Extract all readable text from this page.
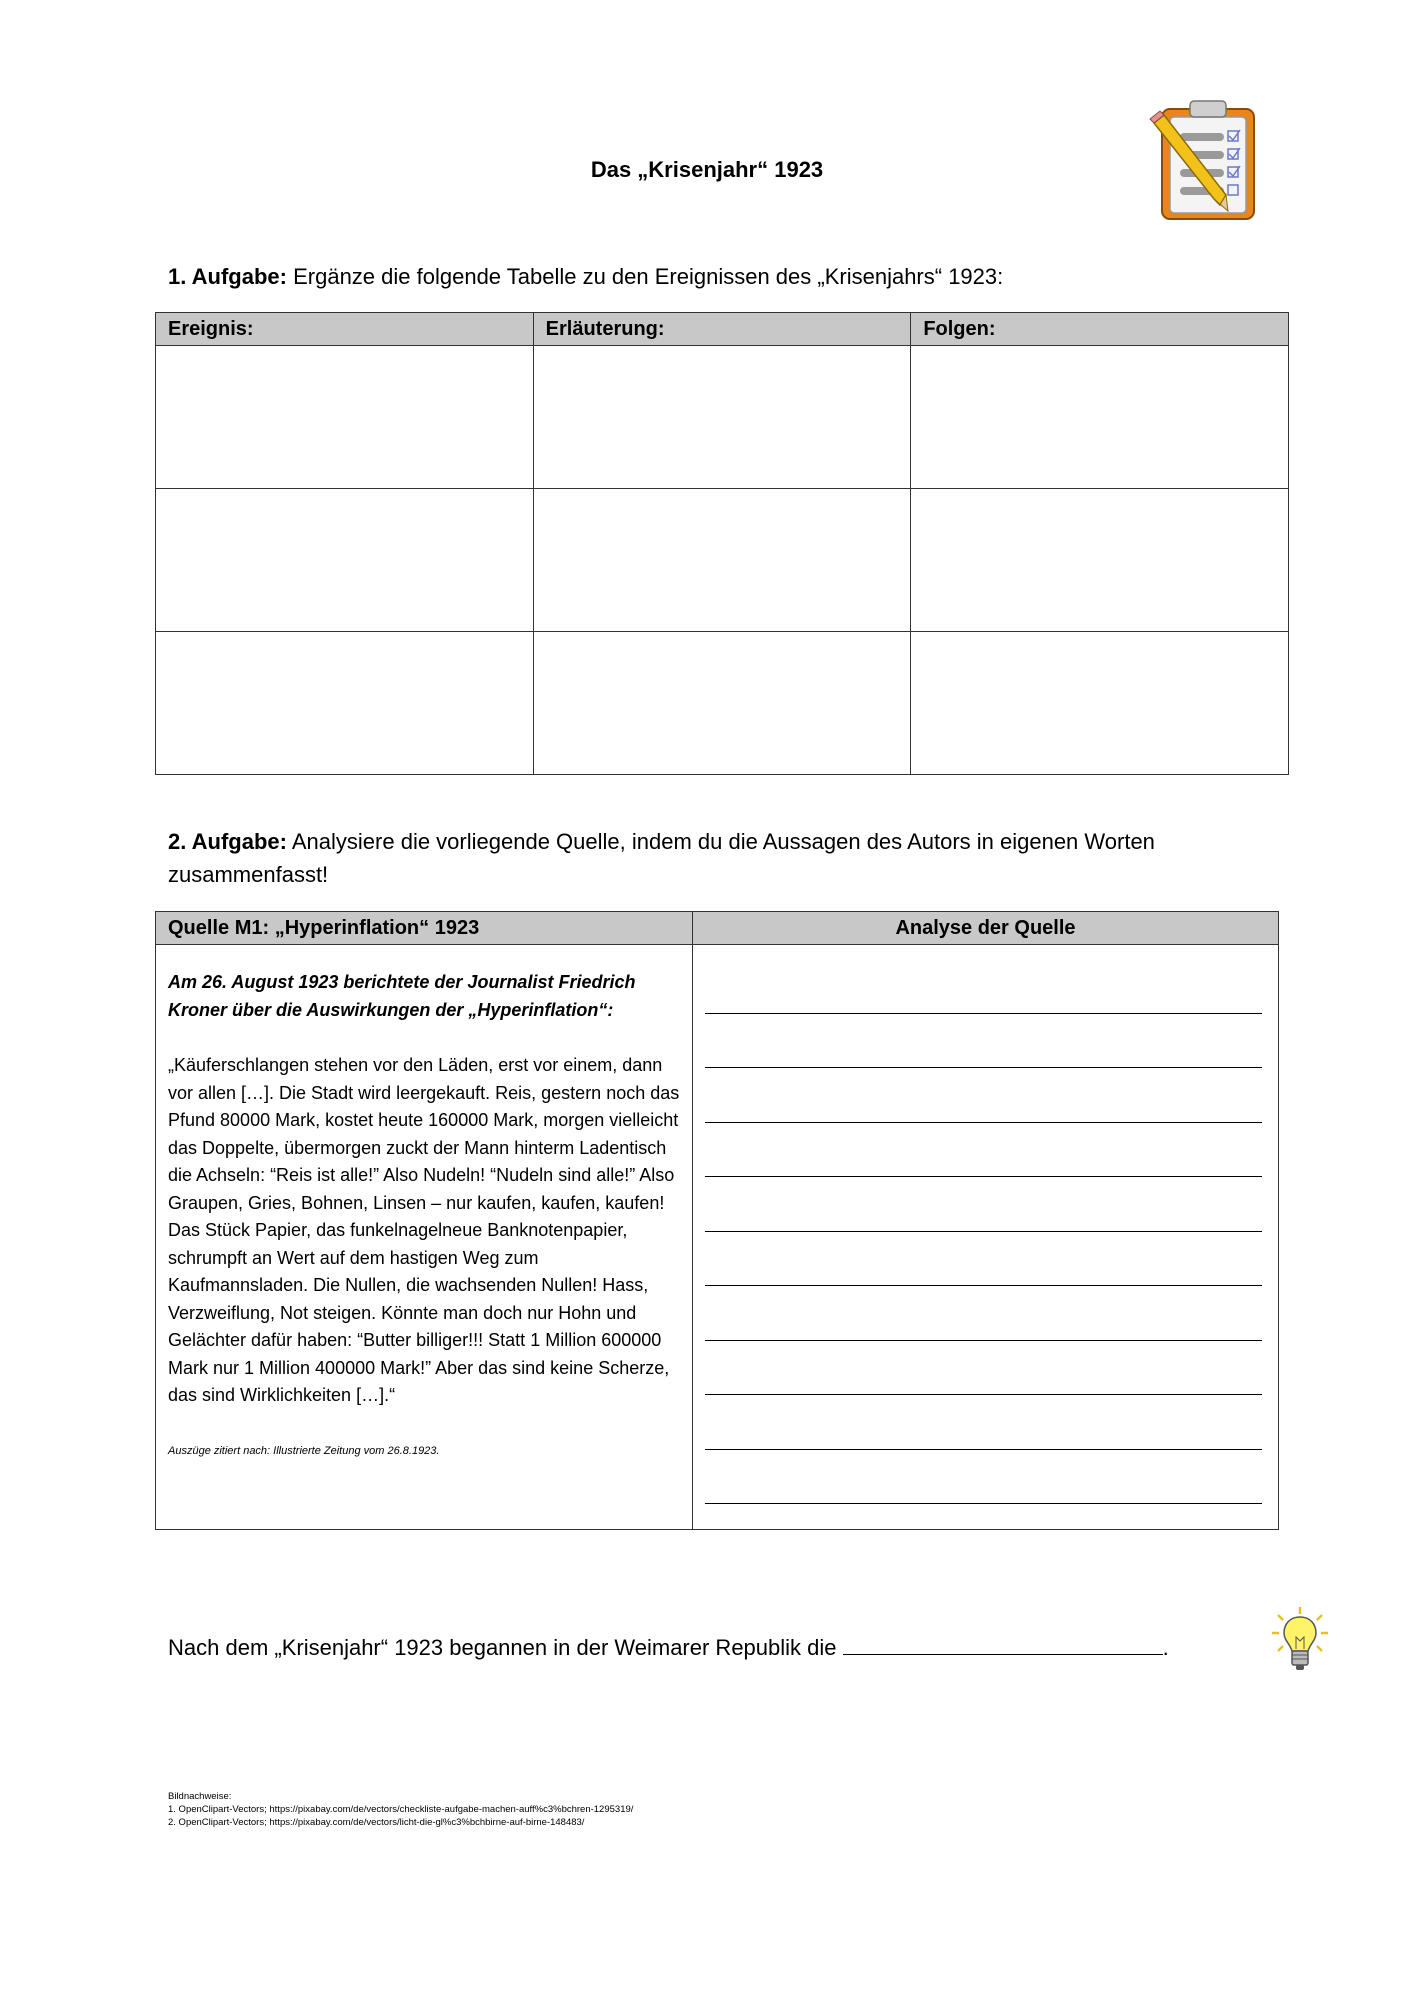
Das „Krisenjahr“ 1923
1. Aufgabe: Ergänze die folgende Tabelle zu den Ereignissen des „Krisenjahrs“ 1923:
Ereignis:	Erläuterung:	Folgen:

2. Aufgabe: Analysiere die vorliegende Quelle, indem du die Aussagen des Autors in eigenen Worten zusammenfasst!
Quelle M1: „Hyperinflation“ 1923	Analyse der Quelle

Am 26. August 1923 berichtete der Journalist Friedrich Kroner über die Auswirkungen der „Hyperinflation“:

„Käuferschlangen stehen vor den Läden, erst vor einem, dann vor allen […]. Die Stadt wird leergekauft. Reis, gestern noch das Pfund 80000 Mark, kostet heute 160000 Mark, morgen vielleicht das Doppelte, übermorgen zuckt der Mann hinterm Ladentisch die Achseln: “Reis ist alle!” Also Nudeln! “Nudeln sind alle!” Also Graupen, Gries, Bohnen, Linsen – nur kaufen, kaufen, kaufen! Das Stück Papier, das funkelnagelneue Banknotenpapier, schrumpft an Wert auf dem hastigen Weg zum Kaufmannsladen. Die Nullen, die wachsenden Nullen! Hass, Verzweiflung, Not steigen. Könnte man doch nur Hohn und Gelächter dafür haben: “Butter billiger!!! Statt 1 Million 600000 Mark nur 1 Million 400000 Mark!” Aber das sind keine Scherze, das sind Wirklichkeiten […].“

Auszüge zitiert nach: Illustrierte Zeitung vom 26.8.1923.	

Nach dem „Krisenjahr“ 1923 begannen in der Weimarer Republik die	.
Bildnachweise:
1. OpenClipart-Vectors; https://pixabay.com/de/vectors/checkliste-aufgabe-machen-auff%c3%bchren-1295319/
2. OpenClipart-Vectors; https://pixabay.com/de/vectors/licht-die-gl%c3%bchbirne-auf-birne-148483/
